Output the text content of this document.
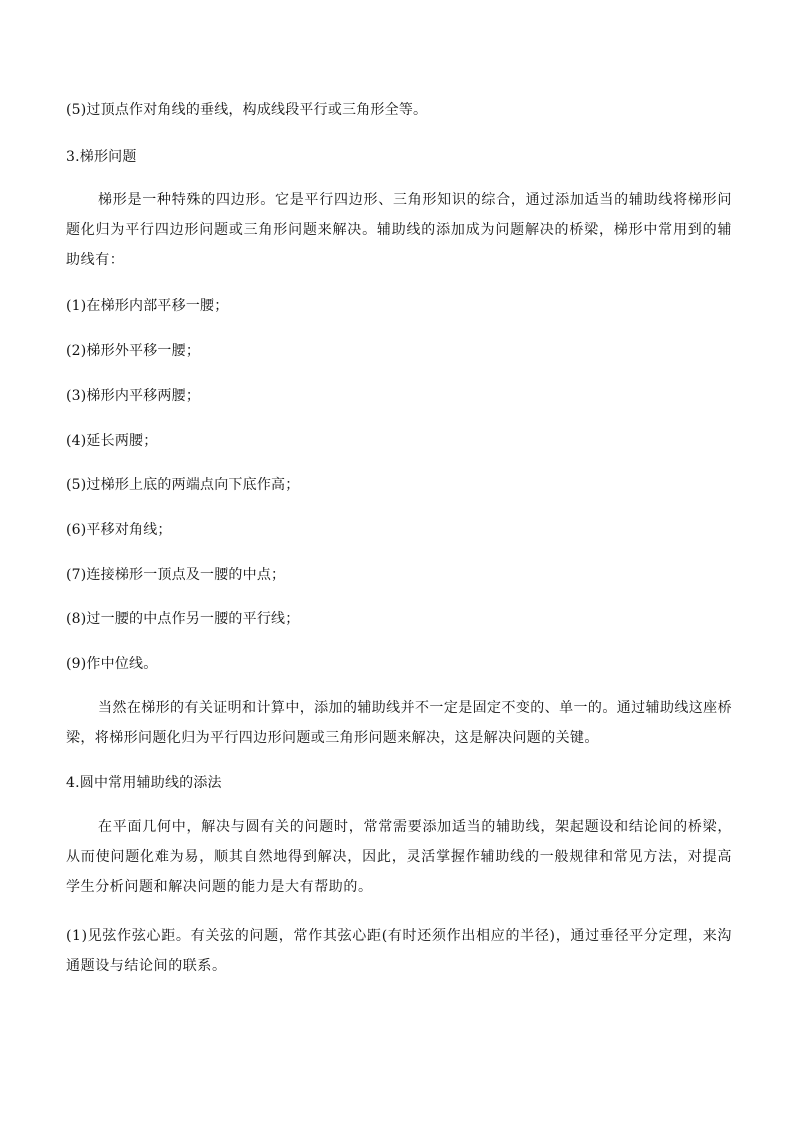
(5)过顶点作对角线的垂线，构成线段平行或三角形全等。
3.梯形问题
梯形是一种特殊的四边形。它是平行四边形、三角形知识的综合，通过添加适当的辅助线将梯形问题化归为平行四边形问题或三角形问题来解决。辅助线的添加成为问题解决的桥梁，梯形中常用到的辅助线有：
(1)在梯形内部平移一腰；
(2)梯形外平移一腰；
(3)梯形内平移两腰；
(4)延长两腰；
(5)过梯形上底的两端点向下底作高；
(6)平移对角线；
(7)连接梯形一顶点及一腰的中点；
(8)过一腰的中点作另一腰的平行线；
(9)作中位线。
当然在梯形的有关证明和计算中，添加的辅助线并不一定是固定不变的、单一的。通过辅助线这座桥梁，将梯形问题化归为平行四边形问题或三角形问题来解决，这是解决问题的关键。
4.圆中常用辅助线的添法
在平面几何中，解决与圆有关的问题时，常常需要添加适当的辅助线，架起题设和结论间的桥梁，从而使问题化难为易，顺其自然地得到解决，因此，灵活掌握作辅助线的一般规律和常见方法，对提高学生分析问题和解决问题的能力是大有帮助的。
(1)见弦作弦心距。有关弦的问题，常作其弦心距(有时还须作出相应的半径)，通过垂径平分定理，来沟通题设与结论间的联系。
